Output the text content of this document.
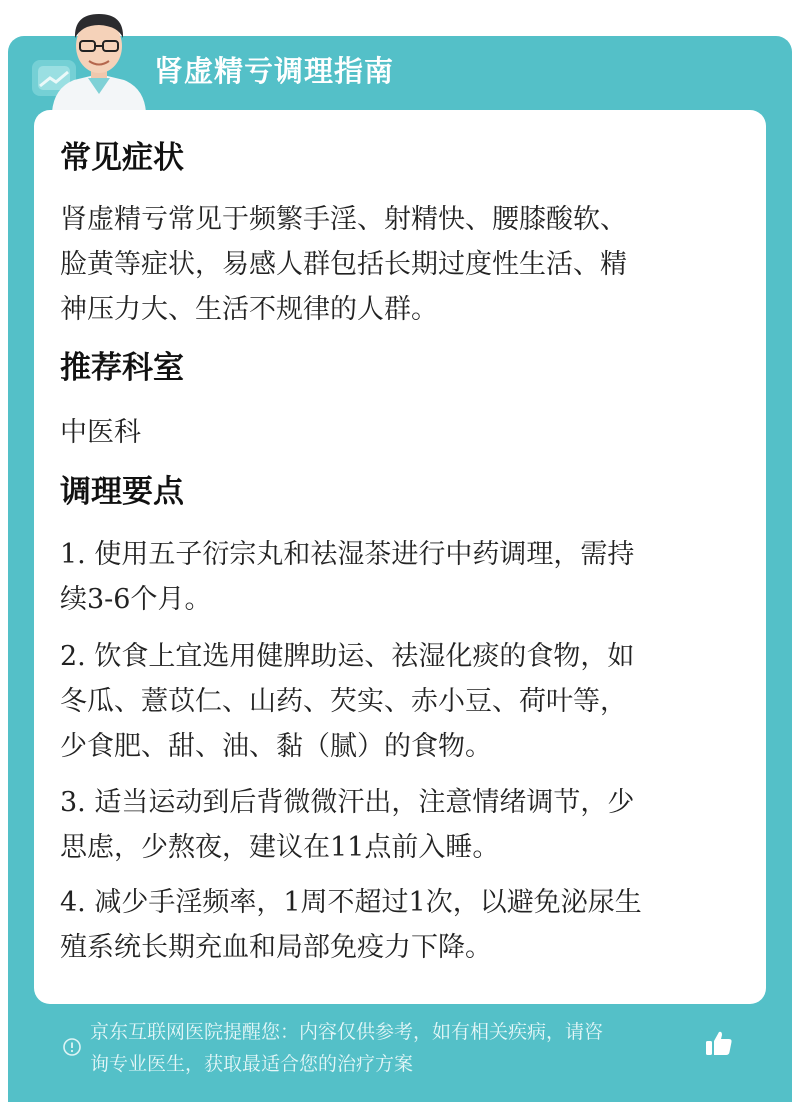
肾虚精亏调理指南
常见症状
肾虚精亏常见于频繁手淫、射精快、腰膝酸软、
脸黄等症状，易感人群包括长期过度性生活、精
神压力大、生活不规律的人群。
推荐科室
中医科
调理要点
1. 使用五子衍宗丸和祛湿茶进行中药调理，需持
续3-6个月。
2. 饮食上宜选用健脾助运、祛湿化痰的食物，如
冬瓜、薏苡仁、山药、芡实、赤小豆、荷叶等，
少食肥、甜、油、黏（腻）的食物。
3. 适当运动到后背微微汗出，注意情绪调节，少
思虑，少熬夜，建议在11点前入睡。
4. 减少手淫频率，1周不超过1次，以避免泌尿生
殖系统长期充血和局部免疫力下降。
京东互联网医院提醒您：内容仅供参考，如有相关疾病，请咨
询专业医生，获取最适合您的治疗方案
